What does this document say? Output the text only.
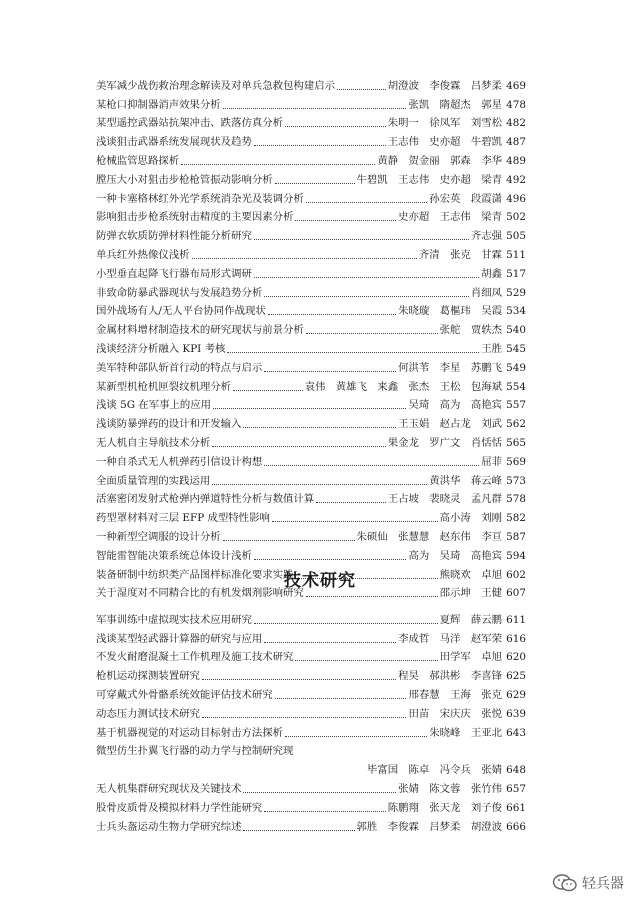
美军减少战伤救治理念解读及对单兵急救包构建启示	胡澄波　李俊霖　吕梦柔 469
某枪口抑制器消声效果分析	张凯　隋超杰　郭星 478
某型遥控武器站抗架冲击、跌落仿真分析	朱明一　徐凤军　刘雪松 482
浅谈狙击武器系统发展现状及趋势	王志伟　史亦超　牛碧凯 487
枪械监管思路探析	黄静　贺金丽　郭森　李华 489
膛压大小对狙击步枪枪管振动影响分析	牛碧凯　王志伟　史亦超　梁青 492
一种卡塞格林红外光学系统消杂光及装调分析	孙宏英　段霞潇 496
影响狙击步枪系统射击精度的主要因素分析	史亦超　王志伟　梁青 502
防弹衣软质防弹材料性能分析研究	齐志强 505
单兵红外热像仪浅析	齐清　张克　甘霖 511
小型垂直起降飞行器布局形式调研	胡鑫 517
非致命防暴武器现状与发展趋势分析	肖细凤 529
国外战场有人/无人平台协同作战现状	朱晓璇　葛樞玮　吴霞 534
金属材料增材制造技术的研究现状与前景分析	张舵　贾轶杰 540
浅谈经济分析融入 KPI 考核	王胜 545
美军特种部队斩首行动的特点与启示	何洪苇　李星　苏鹏飞 549
某新型机枪机匣裂纹机理分析	袁伟　黄雄飞　来鑫　张杰　王松　包海斌 554
浅谈 5G 在军事上的应用	吴琦　高为　高艳宾 557
浅谈防暴弹药的设计和开发输入	王玉娟　赵占龙　刘武 562
无人机自主导航技术分析	果金龙　罗广文　肖恬恬 565
一种自杀式无人机弹药引信设计构想	屈菲 569
全面质量管理的实践运用	黄洪华　蒋云峰 573
活塞密闭发射式枪弹内弹道特性分析与数值计算	王占坡　裴晓灵　孟凡群 578
药型罩材料对三层 EFP 成型特性影响	高小涛　刘刚 582
一种新型空调服的设计分析	朱硕仙　张慧慧　赵东伟　李亘 587
智能雷智能决策系统总体设计浅析	高为　吴琦　高艳宾 594
装备研制中纺织类产品图样标准化要求实践	熊晓欢　卓旭 602
关于湿度对不同精合比的有机发烟剂影响研究	邵示坤　王健 607
技术研究
军事训练中虚拟现实技术应用研究	夏辉　薛云鹏 611
浅谈某型轻武器计算器的研究与应用	李成哲　马洋　赵军荣 616
不发火耐磨混凝土工作机理及施工技术研究	田学军　卓旭 620
枪机运动探测装置研究	程昊　郝洪彬　李喜锋 625
可穿戴式外骨骼系统效能评估技术研究	邢春慧　王海　张克 629
动态压力测试技术研究	田苗　宋庆庆　张悦 639
基于机器视觉的对运动目标射击方法探析	朱晓峰　王亚北 643
微型仿生扑翼飞行器的动力学与控制研究现
毕富国　陈卓　冯令兵　张婧 648
无人机集群研究现状及关键技术	张婧　陈文蓉　张竹伟 657
股骨皮质骨及模拟材料力学性能研究	陈鹏翔　张天龙　刘子俊 661
士兵头盔运动生物力学研究综述	郭胜　李俊霖　吕梦柔　胡澄波 666
轻兵器
